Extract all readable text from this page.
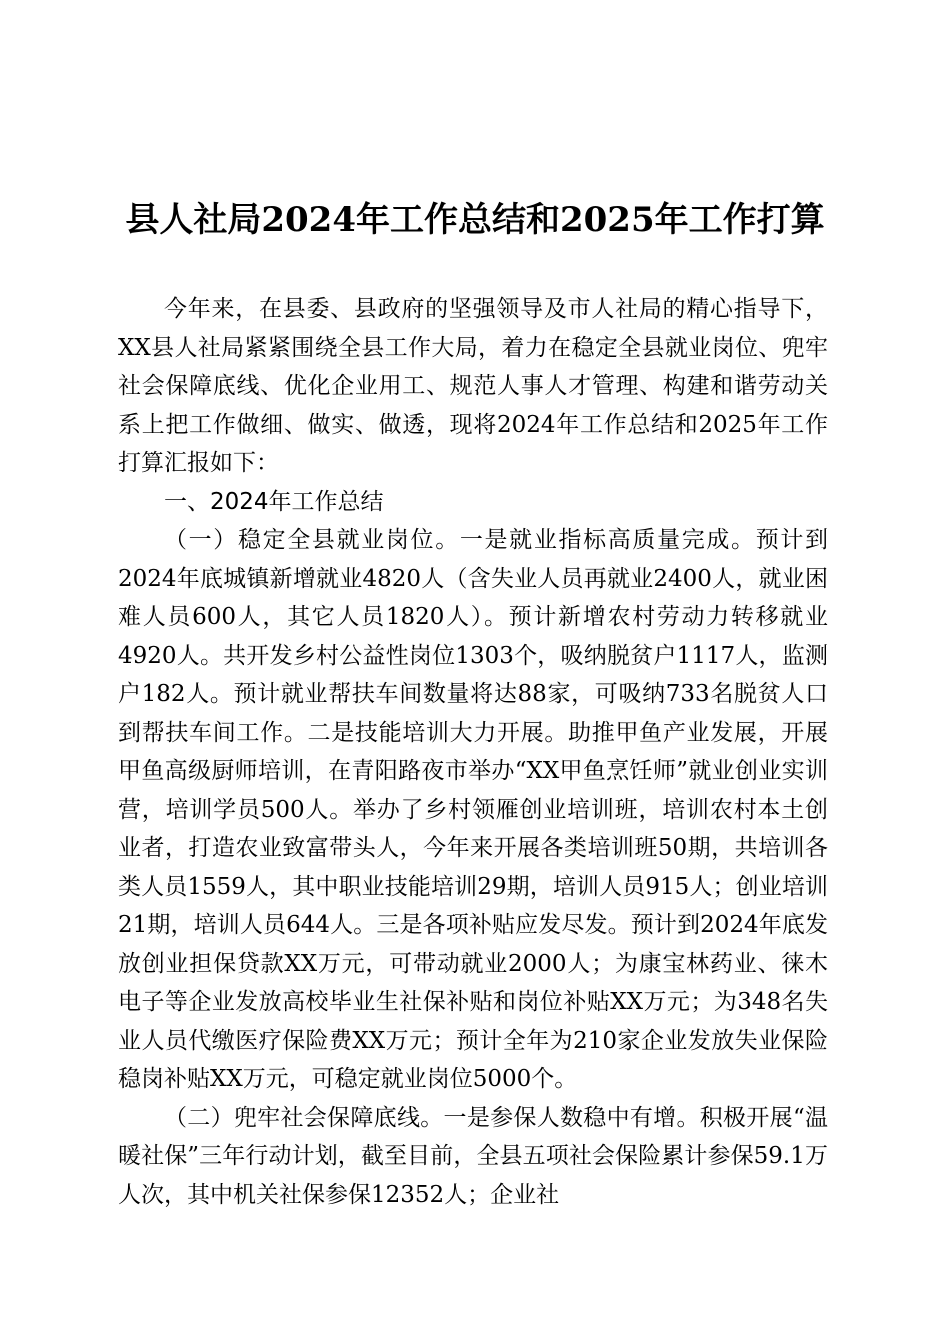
县人社局2024年工作总结和2025年工作打算

今年来，在县委、县政府的坚强领导及市人社局的精心指导下，XX县人社局紧紧围绕全县工作大局，着力在稳定全县就业岗位、兜牢社会保障底线、优化企业用工、规范人事人才管理、构建和谐劳动关系上把工作做细、做实、做透，现将2024年工作总结和2025年工作打算汇报如下：

一、2024年工作总结

（一）稳定全县就业岗位。一是就业指标高质量完成。预计到2024年底城镇新增就业4820人（含失业人员再就业2400人，就业困难人员600人，其它人员1820人）。预计新增农村劳动力转移就业4920人。共开发乡村公益性岗位1303个，吸纳脱贫户1117人，监测户182人。预计就业帮扶车间数量将达88家，可吸纳733名脱贫人口到帮扶车间工作。二是技能培训大力开展。助推甲鱼产业发展，开展甲鱼高级厨师培训，在青阳路夜市举办“XX甲鱼烹饪师”就业创业实训营，培训学员500人。举办了乡村领雁创业培训班，培训农村本土创业者，打造农业致富带头人，今年来开展各类培训班50期，共培训各类人员1559人，其中职业技能培训29期，培训人员915人；创业培训21期，培训人员644人。三是各项补贴应发尽发。预计到2024年底发放创业担保贷款XX万元，可带动就业2000人；为康宝林药业、徕木电子等企业发放高校毕业生社保补贴和岗位补贴XX万元；为348名失业人员代缴医疗保险费XX万元；预计全年为210家企业发放失业保险稳岗补贴XX万元，可稳定就业岗位5000个。

（二）兜牢社会保障底线。一是参保人数稳中有增。积极开展“温暖社保”三年行动计划，截至目前，全县五项社会保险累计参保59.1万人次，其中机关社保参保12352人；企业社
